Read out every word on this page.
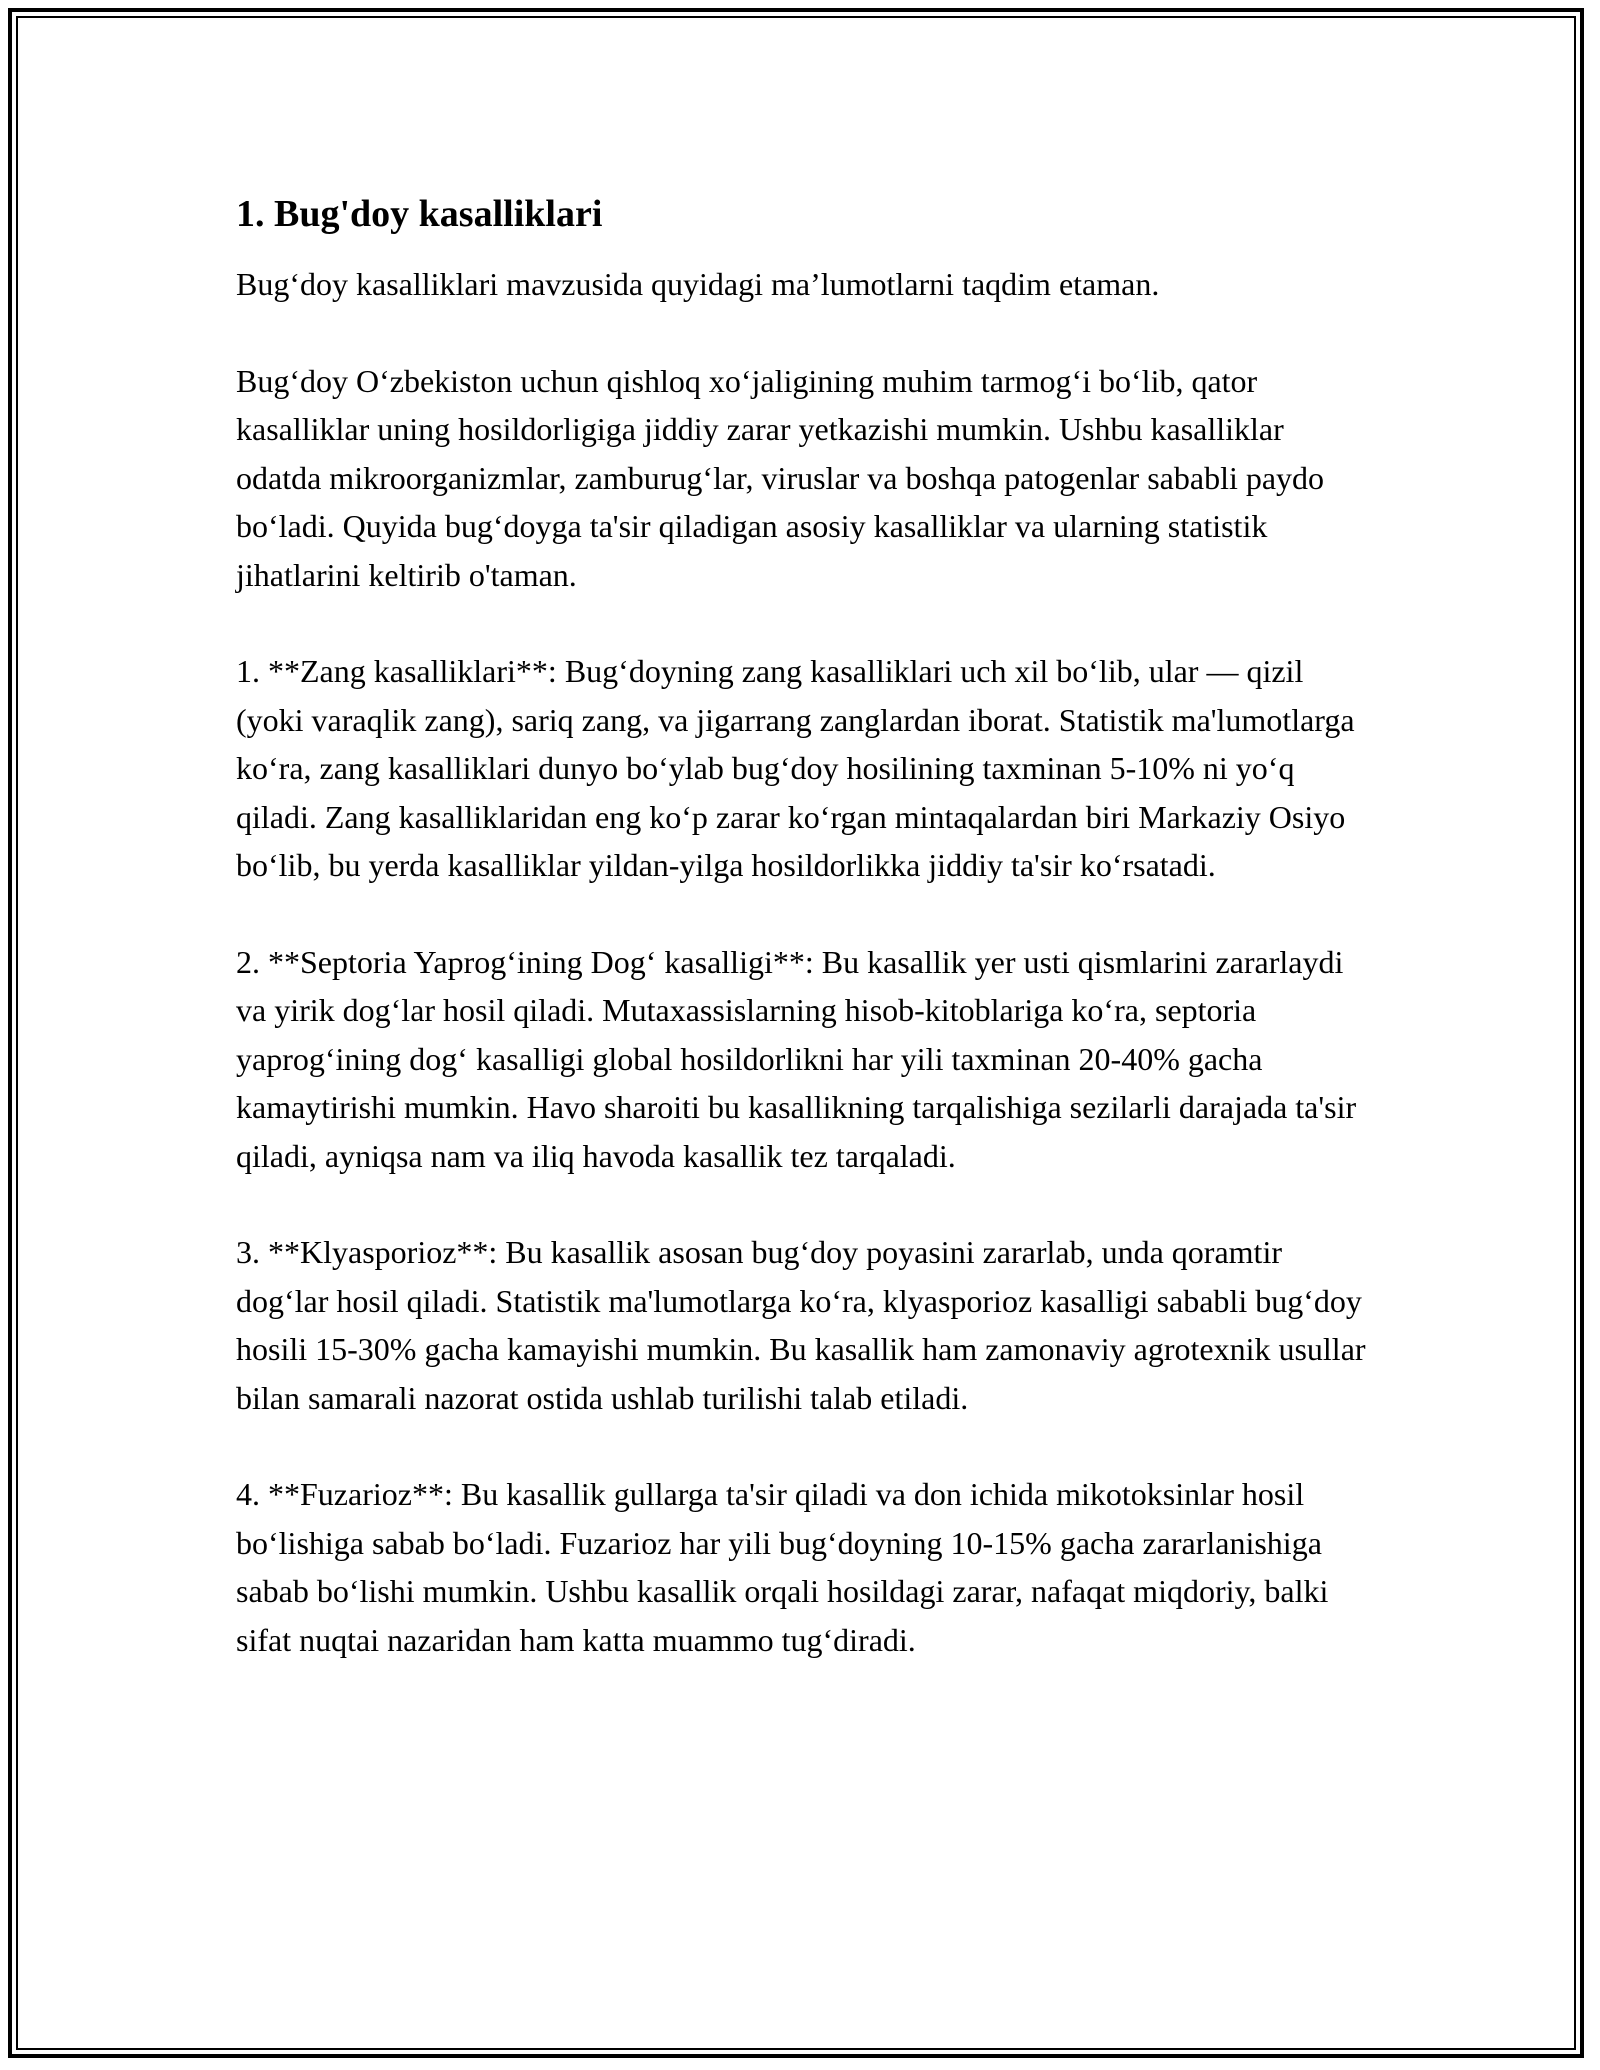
1. Bug'doy kasalliklari

Bug‘doy kasalliklari mavzusida quyidagi ma’lumotlarni taqdim etaman.

Bug‘doy O‘zbekiston uchun qishloq xo‘jaligining muhim tarmog‘i bo‘lib, qator kasalliklar uning hosildorligiga jiddiy zarar yetkazishi mumkin. Ushbu kasalliklar odatda mikroorganizmlar, zamburug‘lar, viruslar va boshqa patogenlar sababli paydo bo‘ladi. Quyida bug‘doyga ta'sir qiladigan asosiy kasalliklar va ularning statistik jihatlarini keltirib o'taman.

1. **Zang kasalliklari**: Bug‘doyning zang kasalliklari uch xil bo‘lib, ular — qizil (yoki varaqlik zang), sariq zang, va jigarrang zanglardan iborat. Statistik ma'lumotlarga ko‘ra, zang kasalliklari dunyo bo‘ylab bug‘doy hosilining taxminan 5-10% ni yo‘q qiladi. Zang kasalliklaridan eng ko‘p zarar ko‘rgan mintaqalardan biri Markaziy Osiyo bo‘lib, bu yerda kasalliklar yildan-yilga hosildorlikka jiddiy ta'sir ko‘rsatadi.

2. **Septoria Yaprog‘ining Dog‘ kasalligi**: Bu kasallik yer usti qismlarini zararlaydi va yirik dog‘lar hosil qiladi. Mutaxassislarning hisob-kitoblariga ko‘ra, septoria yaprog‘ining dog‘ kasalligi global hosildorlikni har yili taxminan 20-40% gacha kamaytirishi mumkin. Havo sharoiti bu kasallikning tarqalishiga sezilarli darajada ta'sir qiladi, ayniqsa nam va iliq havoda kasallik tez tarqaladi.

3. **Klyasporioz**: Bu kasallik asosan bug‘doy poyasini zararlab, unda qoramtir dog‘lar hosil qiladi. Statistik ma'lumotlarga ko‘ra, klyasporioz kasalligi sababli bug‘doy hosili 15-30% gacha kamayishi mumkin. Bu kasallik ham zamonaviy agrotexnik usullar bilan samarali nazorat ostida ushlab turilishi talab etiladi.

4. **Fuzarioz**: Bu kasallik gullarga ta'sir qiladi va don ichida mikotoksinlar hosil bo‘lishiga sabab bo‘ladi. Fuzarioz har yili bug‘doyning 10-15% gacha zararlanishiga sabab bo‘lishi mumkin. Ushbu kasallik orqali hosildagi zarar, nafaqat miqdoriy, balki sifat nuqtai nazaridan ham katta muammo tug‘diradi.
